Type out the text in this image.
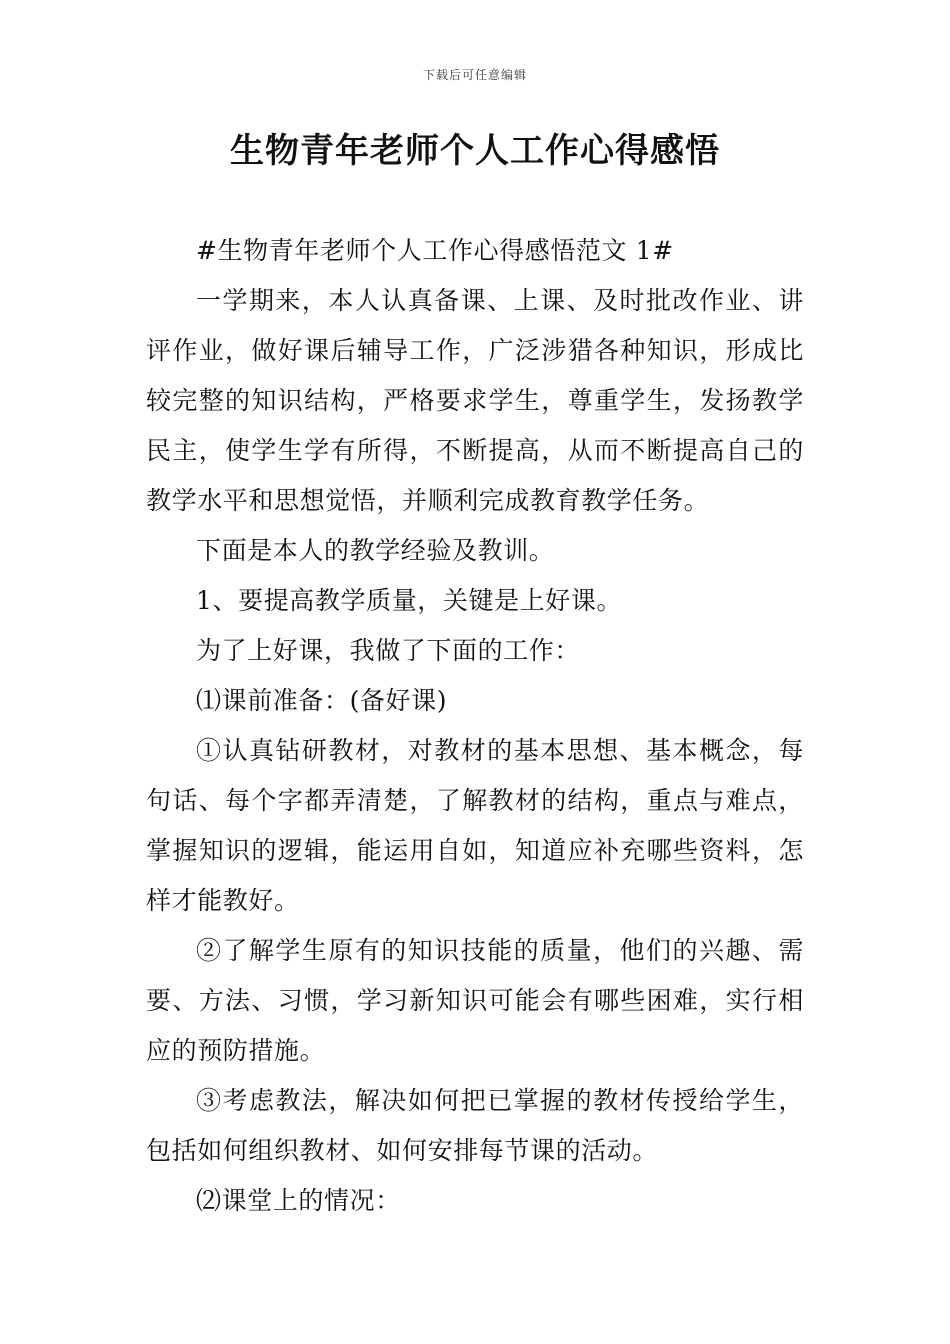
下载后可任意编辑
生物青年老师个人工作心得感悟

#生物青年老师个人工作心得感悟范文 1#

一学期来，本人认真备课、上课、及时批改作业、讲评作业，做好课后辅导工作，广泛涉猎各种知识，形成比较完整的知识结构，严格要求学生，尊重学生，发扬教学民主，使学生学有所得，不断提高，从而不断提高自己的教学水平和思想觉悟，并顺利完成教育教学任务。

下面是本人的教学经验及教训。

1、要提高教学质量，关键是上好课。

为了上好课，我做了下面的工作：

⑴课前准备：(备好课)

①认真钻研教材，对教材的基本思想、基本概念，每句话、每个字都弄清楚，了解教材的结构，重点与难点，掌握知识的逻辑，能运用自如，知道应补充哪些资料，怎样才能教好。

②了解学生原有的知识技能的质量，他们的兴趣、需要、方法、习惯，学习新知识可能会有哪些困难，实行相应的预防措施。

③考虑教法，解决如何把已掌握的教材传授给学生，包括如何组织教材、如何安排每节课的活动。

⑵课堂上的情况：
